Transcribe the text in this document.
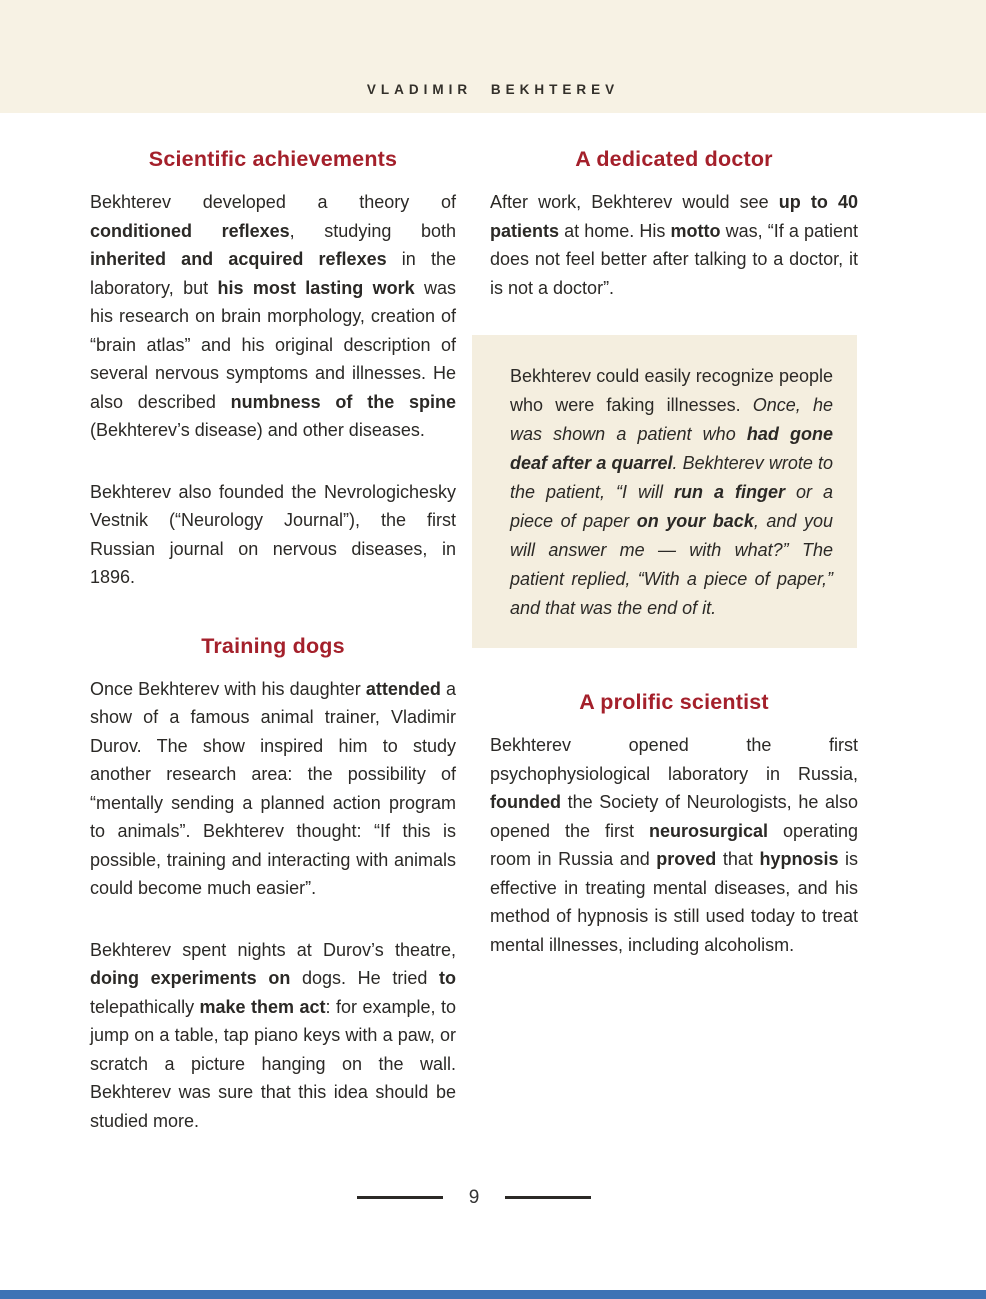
VLADIMIR BEKHTEREV
Scientific achievements

Bekhterev developed a theory of conditioned reflexes, studying both inherited and acquired reflexes in the laboratory, but his most lasting work was his research on brain morphology, creation of “brain atlas” and his original description of several nervous symptoms and illnesses. He also described numbness of the spine (Bekhterev’s disease) and other diseases.

Bekhterev also founded the Nevrologichesky Vestnik (“Neurology Journal”), the first Russian journal on nervous diseases, in 1896.

Training dogs

Once Bekhterev with his daughter attended a show of a famous animal trainer, Vladimir Durov. The show inspired him to study another research area: the possibility of “mentally sending a planned action program to animals”. Bekhterev thought: “If this is possible, training and interacting with animals could become much easier”.

Bekhterev spent nights at Durov’s theatre, doing experiments on dogs. He tried to telepathically make them act: for example, to jump on a table, tap piano keys with a paw, or scratch a picture hanging on the wall. Bekhterev was sure that this idea should be studied more.

A dedicated doctor

After work, Bekhterev would see up to 40 patients at home. His motto was, “If a patient does not feel better after talking to a doctor, it is not a doctor”.

Bekhterev could easily recognize people who were faking illnesses. Once, he was shown a patient who had gone deaf after a quarrel. Bekhterev wrote to the patient, “I will run a finger or a piece of paper on your back, and you will answer me — with what?” The patient replied, “With a piece of paper,” and that was the end of it.

A prolific scientist

Bekhterev opened the first psychophysiological laboratory in Russia, founded the Society of Neurologists, he also opened the first neurosurgical operating room in Russia and proved that hypnosis is effective in treating mental diseases, and his method of hypnosis is still used today to treat mental illnesses, including alcoholism.

9
